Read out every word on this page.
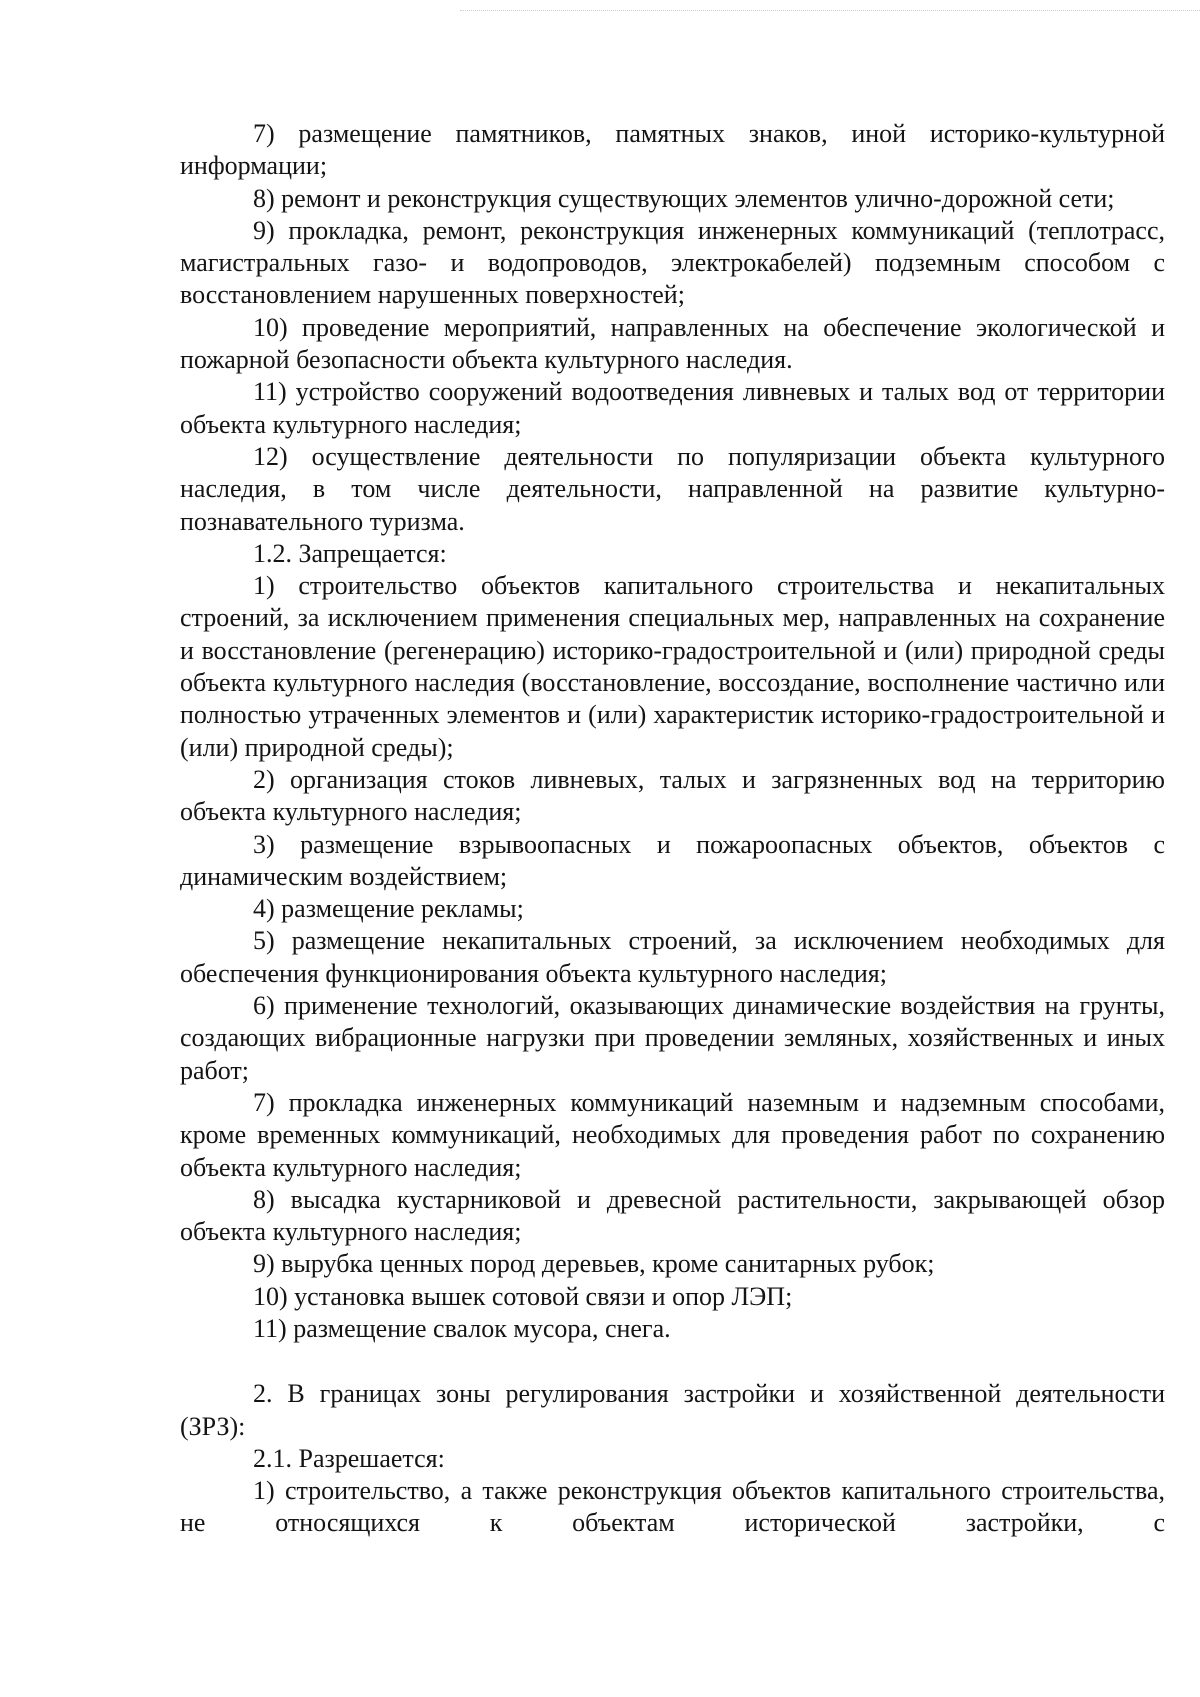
7) размещение памятников, памятных знаков, иной историко-культурной информации;

8) ремонт и реконструкция существующих элементов улично-дорожной сети;

9) прокладка, ремонт, реконструкция инженерных коммуникаций (теплотрасс, магистральных газо- и водопроводов, электрокабелей) подземным способом с восстановлением нарушенных поверхностей;

10) проведение мероприятий, направленных на обеспечение экологической и пожарной безопасности объекта культурного наследия.

11) устройство сооружений водоотведения ливневых и талых вод от территории объекта культурного наследия;

12) осуществление деятельности по популяризации объекта культурного наследия, в том числе деятельности, направленной на развитие культурно-познавательного туризма.

1.2. Запрещается:

1) строительство объектов капитального строительства и некапитальных строений, за исключением применения специальных мер, направленных на сохранение и восстановление (регенерацию) историко-градостроительной и (или) природной среды объекта культурного наследия (восстановление, воссоздание, восполнение частично или полностью утраченных элементов и (или) характеристик историко-градостроительной и (или) природной среды);

2) организация стоков ливневых, талых и загрязненных вод на территорию объекта культурного наследия;

3) размещение взрывоопасных и пожароопасных объектов, объектов с динамическим воздействием;

4) размещение рекламы;

5) размещение некапитальных строений, за исключением необходимых для обеспечения функционирования объекта культурного наследия;

6) применение технологий, оказывающих динамические воздействия на грунты, создающих вибрационные нагрузки при проведении земляных, хозяйственных и иных работ;

7) прокладка инженерных коммуникаций наземным и надземным способами, кроме временных коммуникаций, необходимых для проведения работ по сохранению объекта культурного наследия;

8) высадка кустарниковой и древесной растительности, закрывающей обзор объекта культурного наследия;

9) вырубка ценных пород деревьев, кроме санитарных рубок;

10) установка вышек сотовой связи и опор ЛЭП;

11) размещение свалок мусора, снега.

2. В границах зоны регулирования застройки и хозяйственной деятельности (ЗРЗ):

2.1. Разрешается:

1) строительство, а также реконструкция объектов капитального строительства, не относящихся к объектам исторической застройки, с
